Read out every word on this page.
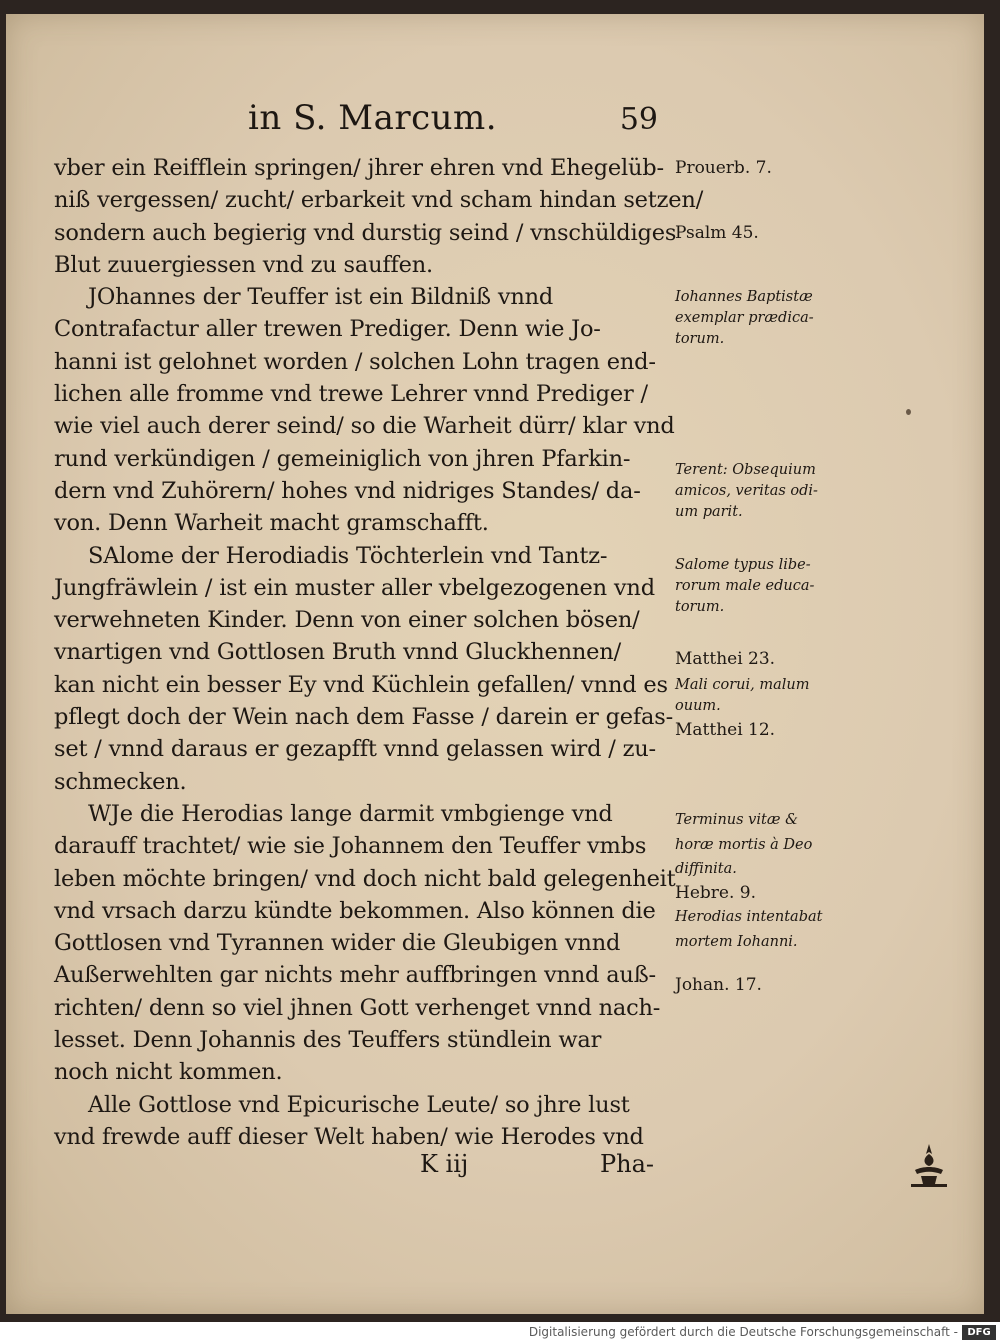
in S. Marcum.	59
vber ein Reifflein springen/ jhrer ehren vnd Ehegelüb-
niß vergessen/ zucht/ erbarkeit vnd scham hindan setzen/
sondern auch begierig vnd durstig seind / vnschüldiges
Blut zuuergiessen vnd zu sauffen.
JOhannes der Teuffer ist ein Bildniß vnnd
Contrafactur aller trewen Prediger. Denn wie Jo-
hanni ist gelohnet worden / solchen Lohn tragen end-
lichen alle fromme vnd trewe Lehrer vnnd Prediger /
wie viel auch derer seind/ so die Warheit dürr/ klar vnd
rund verkündigen / gemeiniglich von jhren Pfarkin-
dern vnd Zuhörern/ hohes vnd nidriges Standes/ da-
von. Denn Warheit macht gramschafft.
SAlome der Herodiadis Töchterlein vnd Tantz-
Jungfräwlein / ist ein muster aller vbelgezogenen vnd
verwehneten Kinder. Denn von einer solchen bösen/
vnartigen vnd Gottlosen Bruth vnnd Gluckhennen/
kan nicht ein besser Ey vnd Küchlein gefallen/ vnnd es
pflegt doch der Wein nach dem Fasse / darein er gefas-
set / vnnd daraus er gezapfft vnnd gelassen wird / zu-
schmecken.
WJe die Herodias lange darmit vmbgienge vnd
darauff trachtet/ wie sie Johannem den Teuffer vmbs
leben möchte bringen/ vnd doch nicht bald gelegenheit
vnd vrsach darzu kündte bekommen. Also können die
Gottlosen vnd Tyrannen wider die Gleubigen vnnd
Außerwehlten gar nichts mehr auffbringen vnnd auß-
richten/ denn so viel jhnen Gott verhenget vnnd nach-
lesset. Denn Johannis des Teuffers stündlein war
noch nicht kommen.
Alle Gottlose vnd Epicurische Leute/ so jhre lust
vnd frewde auff dieser Welt haben/ wie Herodes vnd
Prouerb. 7.
Psalm 45.
Iohannes Baptistæ
exemplar prædica-
torum.
Terent: Obsequium
amicos, veritas odi-
um parit.
Salome typus libe-
rorum male educa-
torum.
Matthei 23.
Mali corui, malum
ouum.
Matthei 12.
Terminus vitæ &
horæ mortis à Deo
diffinita.
Hebre. 9.
Herodias intentabat
mortem Iohanni.
Johan. 17.
K iij	Pha-
Digitalisierung gefördert durch die Deutsche Forschungsgemeinschaft - DFG
